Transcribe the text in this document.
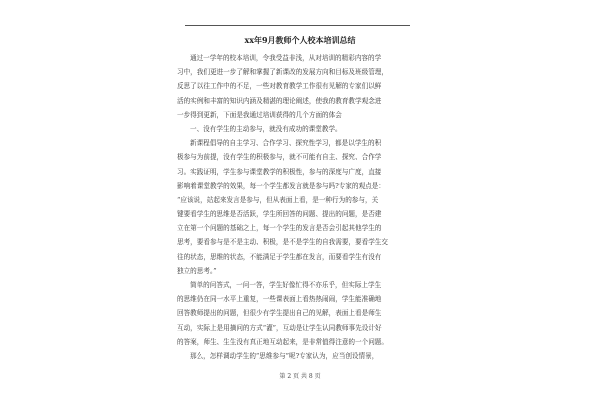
xx年9月教师个人校本培训总结
通过一学年的校本培训，令我受益非浅，从对培训的精彩内容的学
习中，我们更进一步了解和掌握了新课改的发展方向和目标及班级管理，
反思了以往工作中的不足，一些对教育教学工作很有见解的专家们以鲜
活的实例和丰富的知识内涵及精湛的理论阐述，使我的教育教学观念进
一步得到更新，下面是我通过培训获得的几个方面的体会
一、没有学生的主动参与，就没有成功的课堂教学。
新课程倡导的自主学习、合作学习、探究性学习，都是以学生的积
极参与为前提，没有学生的积极参与，就不可能有自主、探究、合作学
习。实践证明，学生参与课堂教学的积极性，参与的深度与广度，直接
影响着课堂教学的效果，每一个学生都发言就是参与吗?专家的观点是：
“应该说，站起来发言是参与，但从表面上看，是一种行为的参与，关
键要看学生的思维是否活跃，学生所回答的问题、提出的问题，是否建
立在第一个问题的基础之上，每一个学生的发言是否会引起其他学生的
思考，要看参与是不是主动、积极，是不是学生的自我需要，要看学生交
往的状态，思维的状态，不能满足于学生都在发言，而要看学生有没有
独立的思考。”
简单的问答式，一问一答，学生好像忙得不亦乐乎，但实际上学生
的思维仍在同一水平上重复，一些课表面上看热热闹闹，学生能准确地
回答教师提出的问题，但很少有学生提出自己的见解，表面上看是师生
互动，实际上是用摘问的方式“灌”，互动是让学生认同教师事先设计好
的答案，师生、生生没有真正地互动起来，是非常值得注意的一个问题。
那么，怎样调动学生的“思维参与”呢?专家认为，应当创设情景，
第 2 页 共 8 页
